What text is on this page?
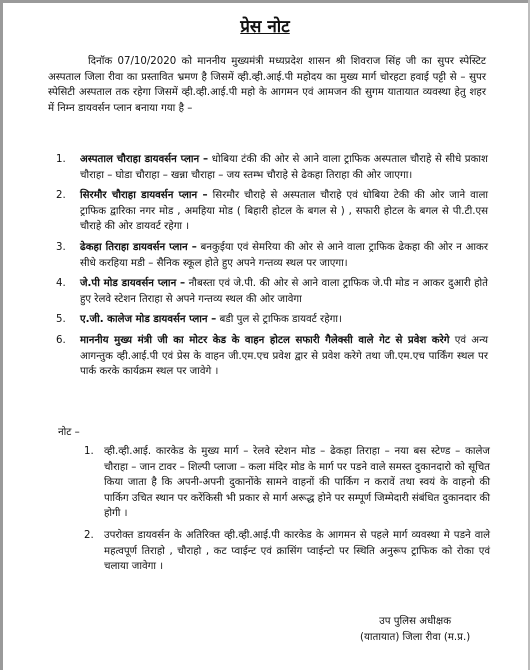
प्रेस नोट
दिनॉक 07/10/2020 को माननीय मुख्यमंत्री मध्यप्रदेश शासन श्री शिवराज सिंह जी का सुपर स्पेस्टिट अस्पताल जिला रीवा का प्रस्तावित भ्रमण है जिसमें व्ही.व्ही.आई.पी महोदय का मुख्य मार्ग चोरहटा हवाई पट्टी से – सुपर स्पेसिटी अस्पताल तक रहेगा जिसमें व्ही.व्ही.आई.पी महो के आगमन एवं आमजन की सुगम यातायात व्यवस्था हेतु शहर में निम्न डायवर्सन प्लान बनाया गया है –
1. अस्पताल चौराहा डायवर्सन प्लान – धोबिया टंकी की ओर से आने वाला ट्राफिक अस्पताल चौराहे से सीधे प्रकाश चौराहा – घोडा चौराहा – खन्ना चौराहा – जय स्तम्भ चौराहे से ढेकहा तिराहा की ओर जाएगा।
2. सिरमौर चौराहा डायवर्सन प्लान – सिरमौर चौराहे से अस्पताल चौराहे एवं धोबिया टेकी की ओर जाने वाला ट्राफिक द्वारिका नगर मोड , अमहिया मोड ( बिहारी होटल के बगल से ) , सफारी होटल के बगल से पी.टी.एस चौराहे की ओर डायवर्ट रहेगा ।
3. ढेकहा तिराहा डायवर्सन प्लान – बनकुईया एवं सेमरिया की ओर से आने वाला ट्राफिक ढेकहा की ओर न आकर सीधे करहिया मडी – सैनिक स्कूल होते हुए अपने गन्तव्य स्थल पर जाएगा।
4. जे.पी मोड डायवर्सन प्लान – नौबस्ता एवं जे.पी. की ओर से आने वाला ट्राफिक जे.पी मोड न आकर दुआरी होते हुए रेलवे स्टेशन तिराहा से अपने गन्तव्य स्थल की ओर जावेगा
5. ए.जी. कालेज मोड डायवर्सन प्लान – बडी पुल से ट्राफिक डायवर्ट रहेगा।
6. माननीय मुख्य मंत्री जी का मोटर केड के वाहन होटल सफारी गैलेक्सी वाले गेट से प्रवेश करेगे एवं अन्य आगन्तुक व्ही.आई.पी एवं प्रेस के वाहन जी.एम.एच प्रवेश द्वार से प्रवेश करेगे तथा जी.एम.एच पार्किंग स्थल पर पार्क करके कार्यक्रम स्थल पर जावेगे ।
नोट –
1. व्ही.व्ही.आई. कारकेड के मुख्य मार्ग – रेलवे स्टेशन मोड – ढेकहा तिराहा – नया बस स्टेण्ड – कालेज चौराहा – जान टावर – शिल्पी प्लाजा – कला मंदिर मोड के मार्ग पर पडने वाले समस्त दुकानदारो को सूचित किया जाता है कि अपनी-अपनी दुकानोंके सामने वाहनों की पार्किग न करावें तथा स्वयं के वाहनो की पार्किग उचित स्थान पर करेंकिसी भी प्रकार से मार्ग अरूद्ध होने पर सम्पूर्ण जिम्मेदारी संबंधित दुकानदार की होगी ।
2. उपरोक्त डायवर्सन के अतिरिक्त व्ही.व्ही.आई.पी कारकेड के आगमन से पहले मार्ग व्यवस्था मे पडने वाले महत्वपूर्ण तिराहो , चौराहो , कट प्वाईन्ट एवं क्रासिंग प्वाईन्टो पर स्थिति अनुरूप ट्राफिक को रोका एवं चलाया जावेगा ।
उप पुलिस अधीक्षक
(यातायात) जिला रीवा (म.प्र.)
